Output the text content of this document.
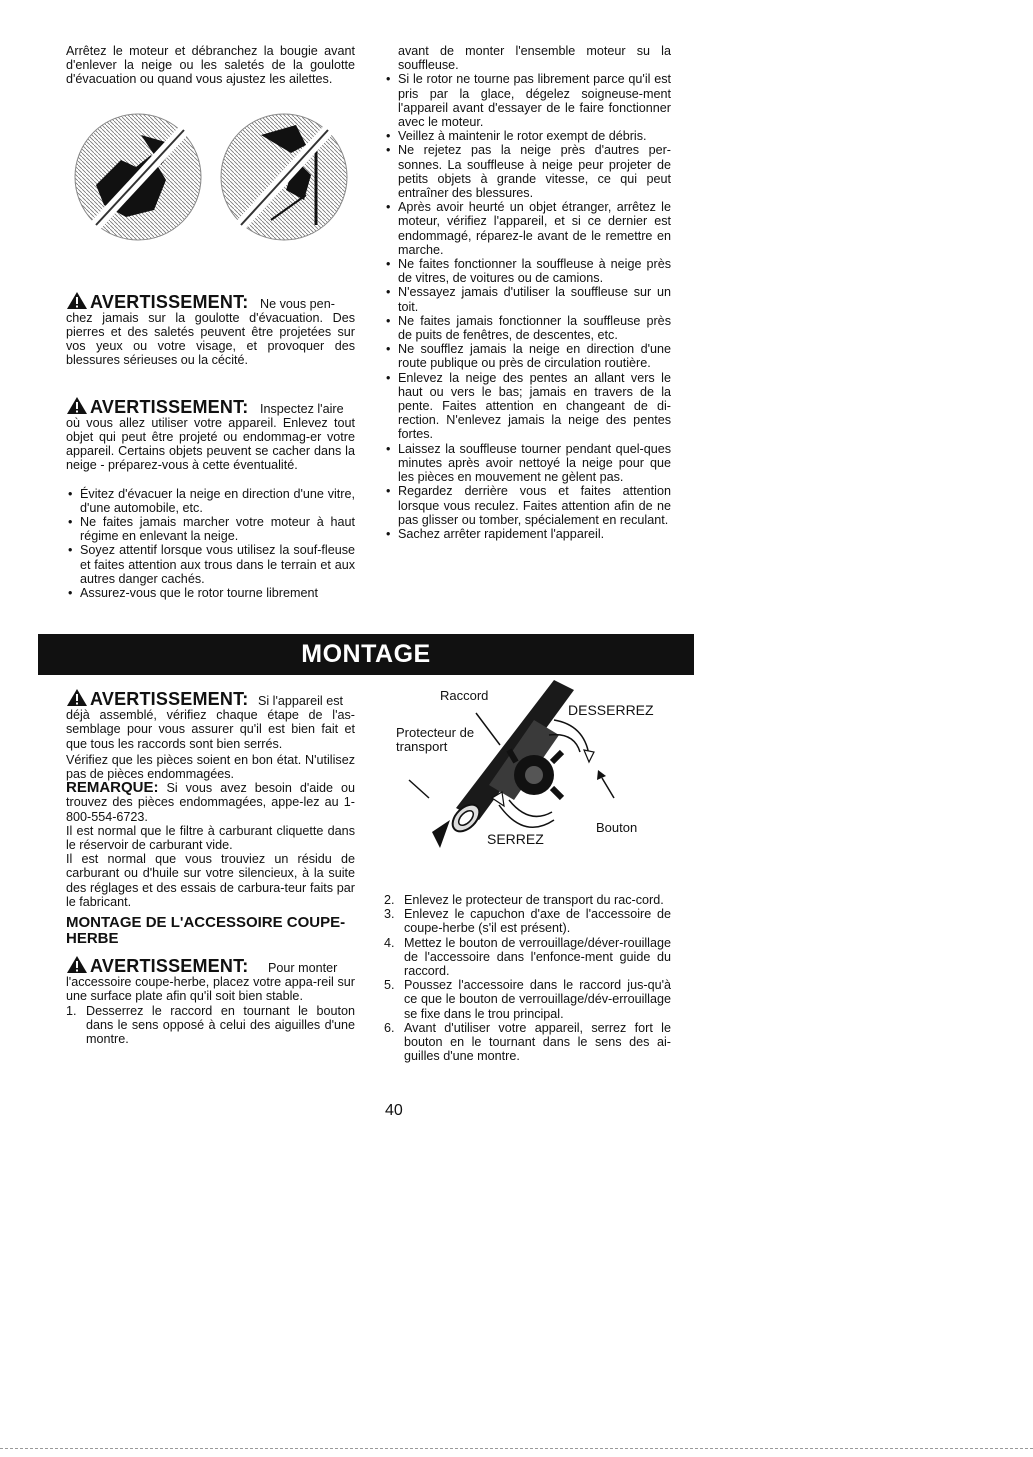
Arrêtez le moteur et débranchez la bougie avant d'enlever la neige ou les saletés de la goulotte d'évacuation ou quand vous ajustez les ailettes.

AVERTISSEMENT: Ne vous pen-

chez jamais sur la goulotte d'évacuation. Des pierres et des saletés peuvent être projetées sur vos yeux ou votre visage, et provoquer des blessures sérieuses ou la cécité.

AVERTISSEMENT: Inspectez l'aire

où vous allez utiliser votre appareil. Enlevez tout objet qui peut être projeté ou endommag-er votre appareil. Certains objets peuvent se cacher dans la neige - préparez-vous à cette éventualité.

• Évitez d'évacuer la neige en direction d'une vitre, d'une automobile, etc.
• Ne faites jamais marcher votre moteur à haut régime en enlevant la neige.
• Soyez attentif lorsque vous utilisez la souf-fleuse et faites attention aux trous dans le terrain et aux autres danger cachés.
• Assurez-vous que le rotor tourne librement

avant de monter l'ensemble moteur su la souffleuse.

• Si le rotor ne tourne pas librement parce qu'il est pris par la glace, dégelez soigneuse-ment l'appareil avant d'essayer de le faire fonctionner avec le moteur.
• Veillez à maintenir le rotor exempt de débris.
• Ne rejetez pas la neige près d'autres per-sonnes. La souffleuse à neige peur projeter de petits objets à grande vitesse, ce qui peut entraîner des blessures.
• Après avoir heurté un objet étranger, arrêtez le moteur, vérifiez l'appareil, et si ce dernier est endommagé, réparez-le avant de le remettre en marche.
• Ne faites fonctionner la souffleuse à neige près de vitres, de voitures ou de camions.
• N'essayez jamais d'utiliser la souffleuse sur un toit.
• Ne faites jamais fonctionner la souffleuse près de puits de fenêtres, de descentes, etc.
• Ne soufflez jamais la neige en direction d'une route publique ou près de circulation routière.
• Enlevez la neige des pentes an allant vers le haut ou vers le bas; jamais en travers de la pente. Faites attention en changeant de di-rection. N'enlevez jamais la neige des pentes fortes.
• Laissez la souffleuse tourner pendant quel-ques minutes après avoir nettoyé la neige pour que les pièces en mouvement ne gèlent pas.
• Regardez derrière vous et faites attention lorsque vous reculez. Faites attention afin de ne pas glisser ou tomber, spécialement en reculant.
• Sachez arrêter rapidement l'appareil.
MONTAGE
AVERTISSEMENT: Si l'appareil est

déjà assemblé, vérifiez chaque étape de l'as-semblage pour vous assurer qu'il est bien fait et que tous les raccords sont bien serrés.

Vérifiez que les pièces soient en bon état. N'utilisez pas de pièces endommagées.

REMARQUE: Si vous avez besoin d'aide ou trouvez des pièces endommagées, appe-lez au 1-800-554-6723.

Il est normal que le filtre à carburant cliquette dans le réservoir de carburant vide.

Il est normal que vous trouviez un résidu de carburant ou d'huile sur votre silencieux, à la suite des réglages et des essais de carbura-teur faits par le fabricant.

MONTAGE DE L'ACCESSOIRE COUPE-HERBE
AVERTISSEMENT: Pour monter

l'accessoire coupe-herbe, placez votre appa-reil sur une surface plate afin qu'il soit bien stable.

1. Desserrez le raccord en tournant le bouton dans le sens opposé à celui des aiguilles d'une montre.
Raccord
Protecteur de transport
DESSERREZ
Bouton
SERREZ
2. Enlevez le protecteur de transport du rac-cord.
3. Enlevez le capuchon d'axe de l'accessoire de coupe-herbe (s'il est présent).
4. Mettez le bouton de verrouillage/déver-rouillage de l'accessoire dans l'enfonce-ment guide du raccord.
5. Poussez l'accessoire dans le raccord jus-qu'à ce que le bouton de verrouillage/dév-errouillage se fixe dans le trou principal.
6. Avant d'utiliser votre appareil, serrez fort le bouton en le tournant dans le sens des ai-guilles d'une montre.
40
